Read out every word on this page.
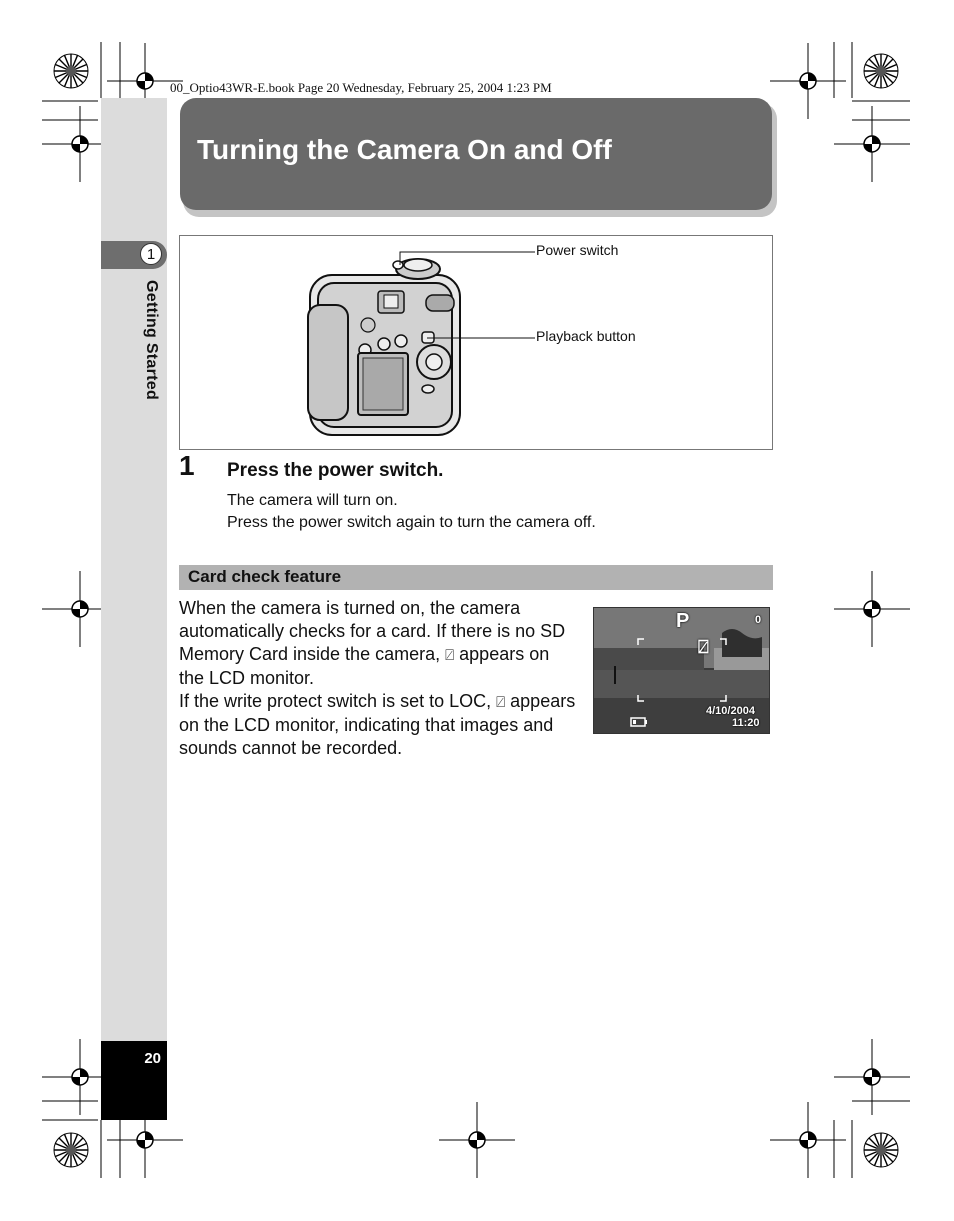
00_Optio43WR-E.book Page 20 Wednesday, February 25, 2004 1:23 PM
1
Getting Started
20
Turning the Camera On and Off
Power switch
Playback button
1 Press the power switch.
The camera will turn on.
Press the power switch again to turn the camera off.
Card check feature

When the camera is turned on, the camera automatically checks for a card. If there is no SD Memory Card inside the camera, ⍁ appears on the LCD monitor.

If the write protect switch is set to LOC, ⍁ appears on the LCD monitor, indicating that images and sounds cannot be recorded.

P	0
⍁
4/10/2004
11:20
